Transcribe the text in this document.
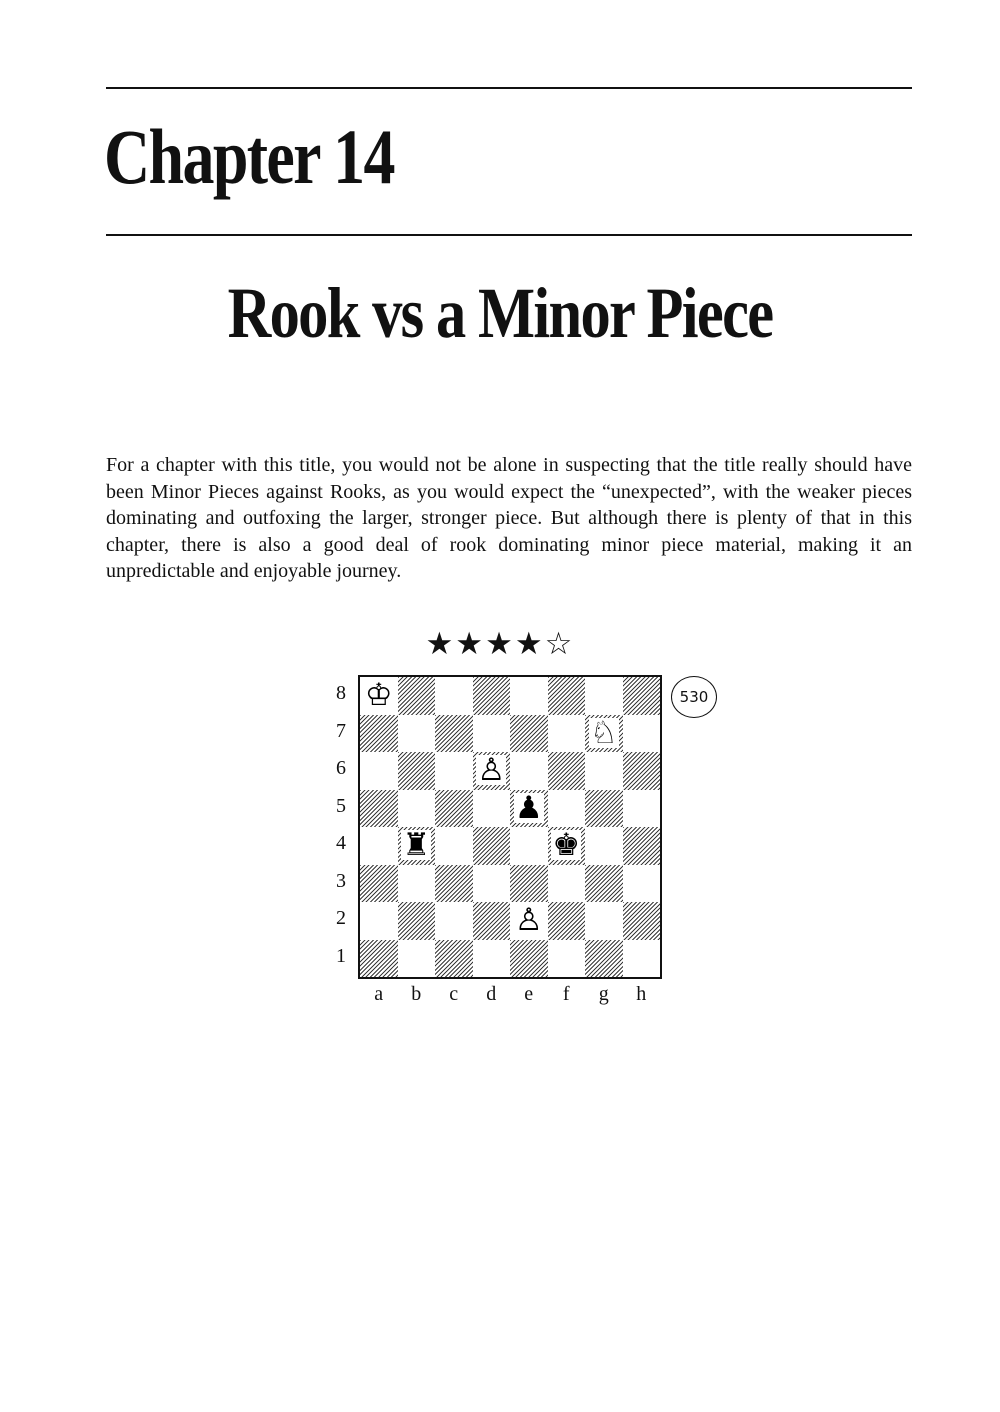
Chapter 14
Rook vs a Minor Piece

For a chapter with this title, you would not be alone in suspecting that the title really should have been Minor Pieces against Rooks, as you would expect the “unexpected”, with the weaker pieces dominating and outfoxing the larger, stronger piece. But although there is plenty of that in this chapter, there is also a good deal of rook dominating minor piece material, making it an unpredictable and enjoyable journey.

★★★★☆
♔
♘
♙
♟
♜	♚
♙
8
7
6
5
4
3
2
1
a	b	c	d	e	f	g	h
530
